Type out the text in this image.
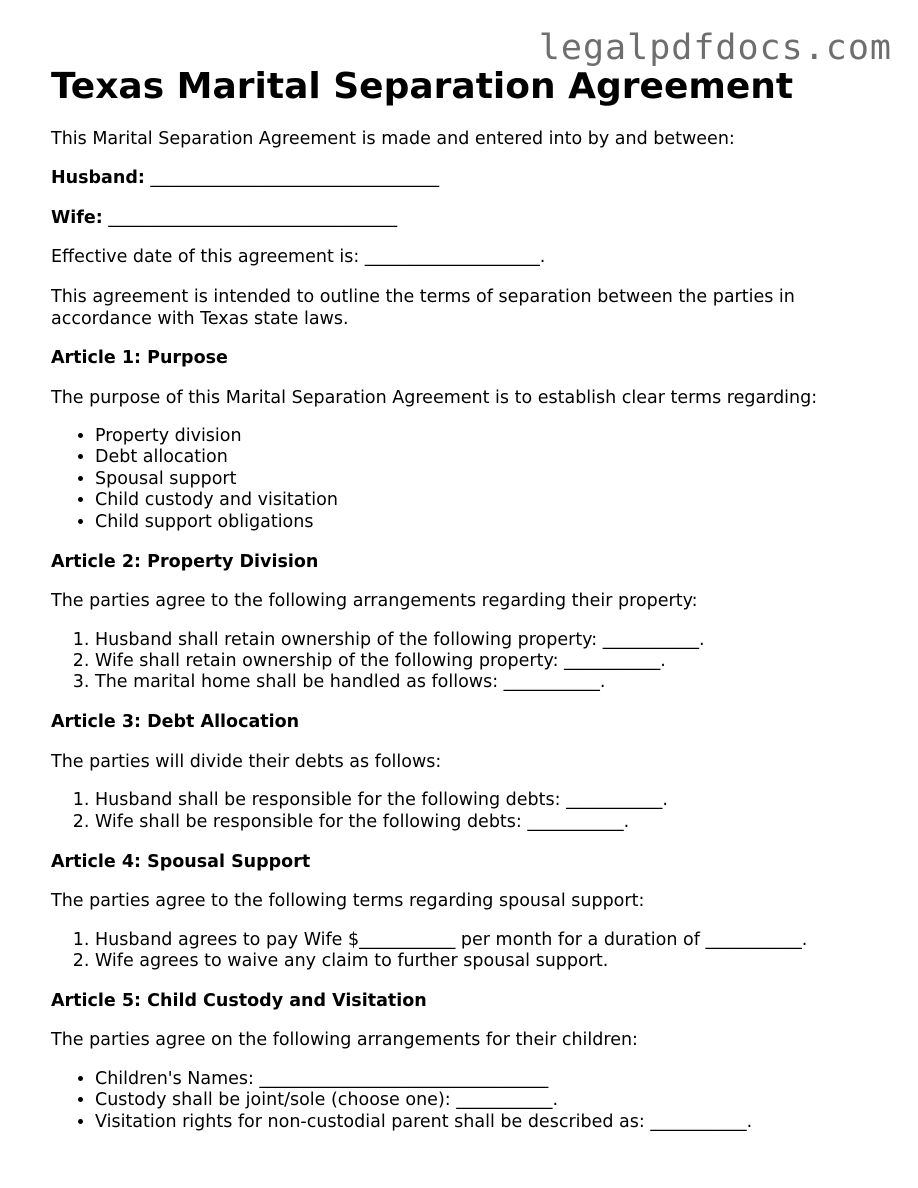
legalpdfdocs.com
Texas Marital Separation Agreement

This Marital Separation Agreement is made and entered into by and between:

Husband: _________________________________

Wife: _________________________________

Effective date of this agreement is: ____________________.

This agreement is intended to outline the terms of separation between the parties in accordance with Texas state laws.

Article 1: Purpose

The purpose of this Marital Separation Agreement is to establish clear terms regarding:

• Property division
• Debt allocation
• Spousal support
• Child custody and visitation
• Child support obligations
Article 2: Property Division

The parties agree to the following arrangements regarding their property:

1. Husband shall retain ownership of the following property: ___________.
2. Wife shall retain ownership of the following property: ___________.
3. The marital home shall be handled as follows: ___________.
Article 3: Debt Allocation

The parties will divide their debts as follows:

1. Husband shall be responsible for the following debts: ___________.
2. Wife shall be responsible for the following debts: ___________.
Article 4: Spousal Support

The parties agree to the following terms regarding spousal support:

1. Husband agrees to pay Wife $___________ per month for a duration of ___________.
2. Wife agrees to waive any claim to further spousal support.
Article 5: Child Custody and Visitation

The parties agree on the following arrangements for their children:

• Children's Names: _________________________________
• Custody shall be joint/sole (choose one): ___________.
• Visitation rights for non-custodial parent shall be described as: ___________.
